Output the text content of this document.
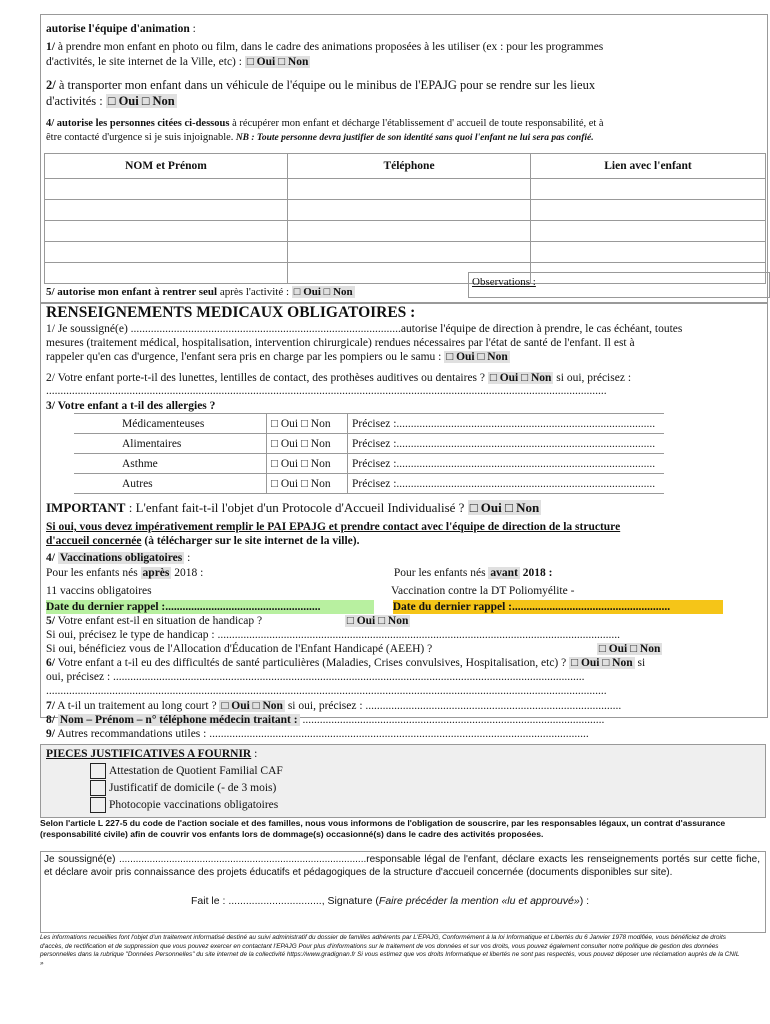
autorise l'équipe d'animation :
1/ à prendre mon enfant en photo ou film, dans le cadre des animations proposées à les utiliser (ex : pour les programmes
d'activités, le site internet de la Ville, etc) : □ Oui □ Non
2/ à transporter mon enfant dans un véhicule de l'équipe ou le minibus de l'EPAJG pour se rendre sur les lieux
d'activités : □ Oui □ Non
4/ autorise les personnes citées ci-dessous à récupérer mon enfant et décharge l'établissement d' accueil de toute responsabilité, et à
être contacté d'urgence si je suis injoignable. NB : Toute personne devra justifier de son identité sans quoi l'enfant ne lui sera pas confié.
NOM et Prénom	Téléphone	Lien avec l'enfant

5/ autorise mon enfant à rentrer seul après l'activité : □ Oui □ Non
Observations :
RENSEIGNEMENTS MEDICAUX OBLIGATOIRES :
1/ Je soussigné(e) ..............................................................................................autorise l'équipe de direction à prendre, le cas échéant, toutes
mesures (traitement médical, hospitalisation, intervention chirurgicale) rendues nécessaires par l'état de santé de l'enfant. Il est à
rappeler qu'en cas d'urgence, l'enfant sera pris en charge par les pompiers ou le samu : □ Oui □ Non
2/ Votre enfant porte-t-il des lunettes, lentilles de contact, des prothèses auditives ou dentaires ? □ Oui □ Non si oui, précisez :
...................................................................................................................................................................................................
3/ Votre enfant a t-il des allergies ?
Médicamenteuses	□ Oui □ Non	Précisez :..........................................................................................
Alimentaires	□ Oui □ Non	Précisez :..........................................................................................
Asthme	□ Oui □ Non	Précisez :..........................................................................................
Autres	□ Oui □ Non	Précisez :..........................................................................................
IMPORTANT : L'enfant fait-t-il l'objet d'un Protocole d'Accueil Individualisé ? □ Oui □ Non
Si oui, vous devez impérativement remplir le PAI EPAJG et prendre contact avec l'équipe de direction de la structure
d'accueil concernée (à télécharger sur le site internet de la ville).
4/ Vaccinations obligatoires :
Pour les enfants nés après 2018 :	Pour les enfants nés avant 2018 :
11 vaccins obligatoires	Vaccination contre la DT Poliomyélite -
Date du dernier rappel :......................................................	Date du dernier rappel :.......................................................
5/ Votre enfant est-il en situation de handicap ?	□ Oui □ Non
Si oui, précisez le type de handicap : ............................................................................................................................................
Si oui, bénéficiez vous de l'Allocation d'Éducation de l'Enfant Handicapé (AEEH) ?	□ Oui □ Non
6/ Votre enfant a t-il eu des difficultés de santé particulières (Maladies, Crises convulsives, Hospitalisation, etc) ? □ Oui □ Non si
oui, précisez : ....................................................................................................................................................................
...................................................................................................................................................................................................
7/ A t-il un traitement au long court ? □ Oui □ Non si oui, précisez : .........................................................................................
8/ Nom – Prénom – n° téléphone médecin traitant : .........................................................................................................
9/ Autres recommandations utiles : ....................................................................................................................................
PIECES JUSTIFICATIVES A FOURNIR :
Attestation de Quotient Familial CAF
Justificatif de domicile (- de 3 mois)
Photocopie vaccinations obligatoires
Selon l'article L 227-5 du code de l'action sociale et des familles, nous vous informons de l'obligation de souscrire, par les responsables légaux, un contrat d'assurance (responsabilité civile) afin de couvrir vos enfants lors de dommage(s) occasionné(s) dans le cadre des activités proposées.
Je soussigné(e) .........................................................................................responsable légal de l'enfant, déclare exacts les renseignements portés sur cette fiche, et déclare avoir pris connaissance des projets éducatifs et pédagogiques de la structure d'accueil concernée (documents disponibles sur site).
Fait le : ................................, Signature (Faire précéder la mention «lu et approuvé») :
Les informations recueillies font l'objet d'un traitement informatisé destiné au suivi administratif du dossier de familles adhérents par L'EPAJG, Conformément à la loi Informatique et Libertés du 6 Janvier 1978 modifiée, vous bénéficiez de droits d'accès, de rectification et de suppression que vous pouvez exercer en contactant l'EPAJG Pour plus d'informations sur le traitement de vos données et sur vos droits, vous pouvez également consulter notre politique de gestion des données personnelles dans la rubrique "Données Personnelles" du site internet de la collectivité https://www.gradignan.fr Si vous estimez que vos droits Informatique et libertés ne sont pas respectés, vous pouvez déposer une réclamation auprès de la CNIL »
